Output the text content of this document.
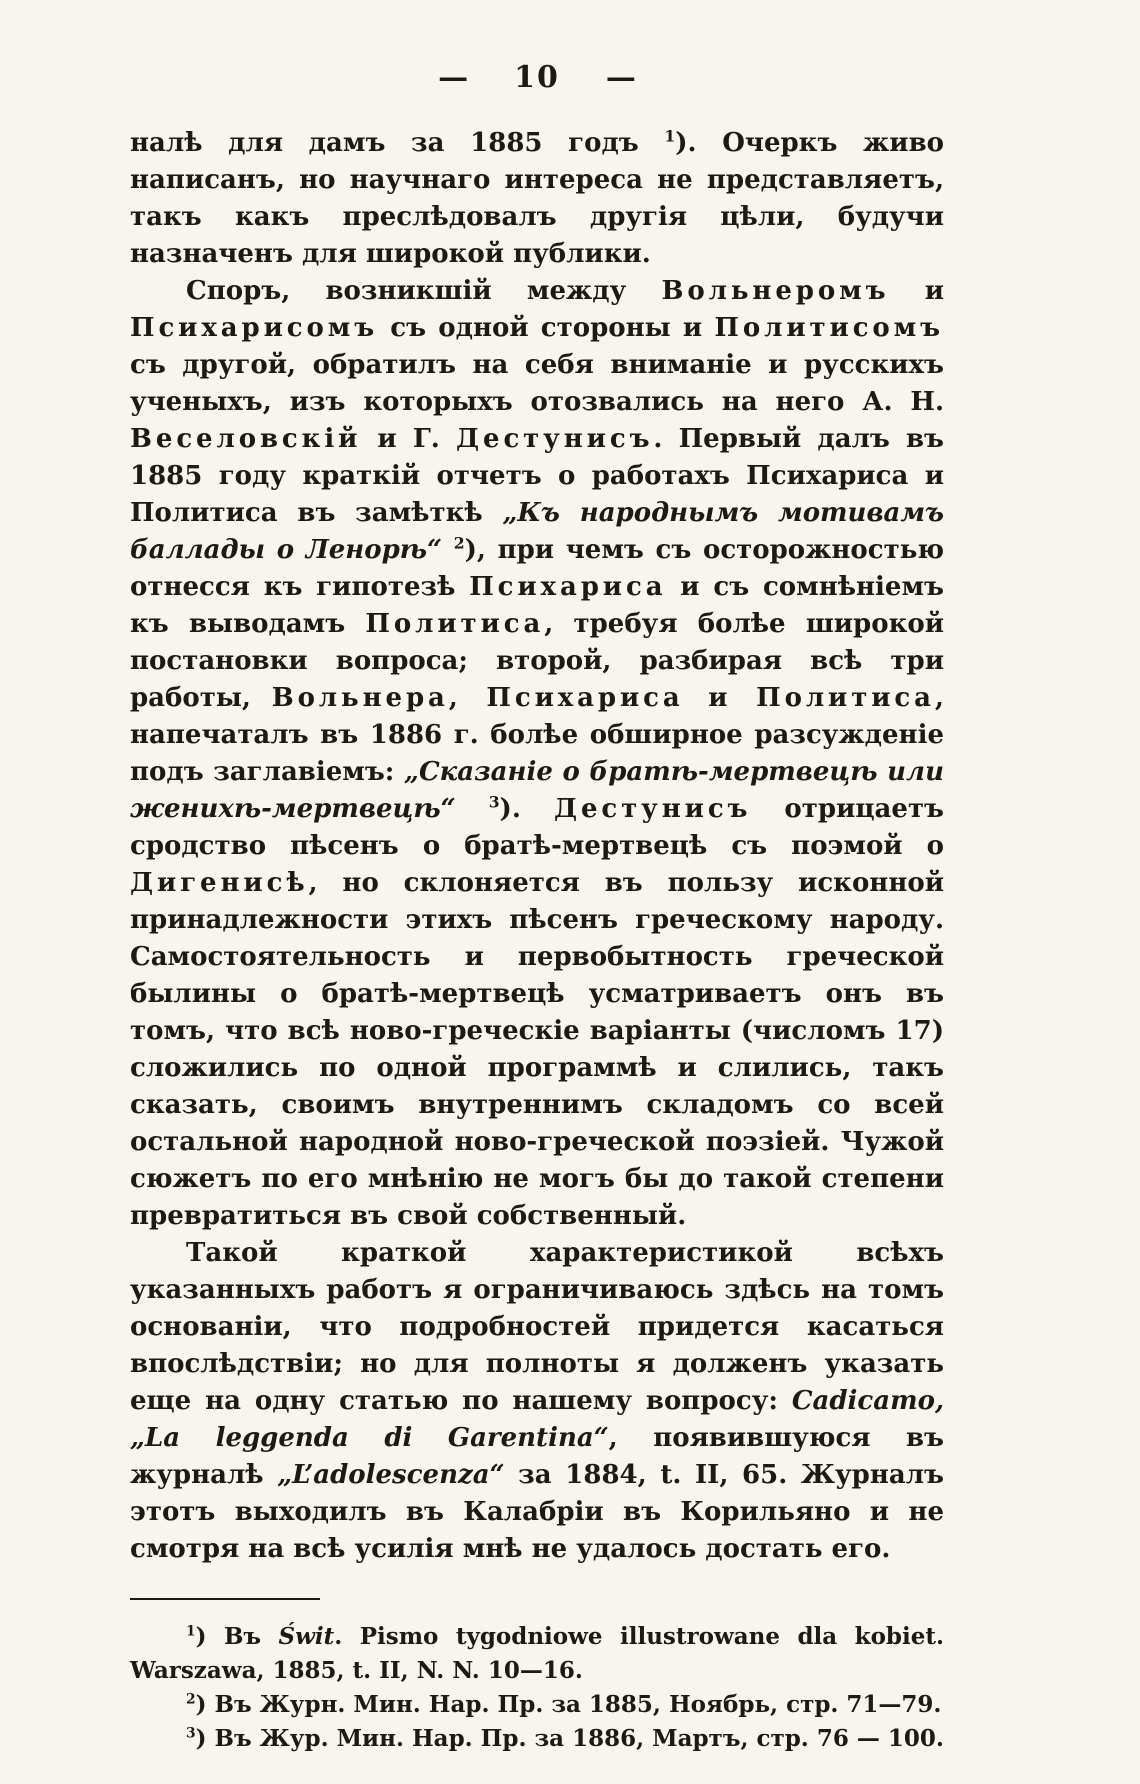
— 10 —

налѣ для дамъ за 1885 годъ $^1$). Очеркъ живо написанъ, но научнаго интереса не представляетъ, такъ какъ преслѣдовалъ другія цѣли, будучи назначенъ для широкой публики.

Споръ, возникшій между Вольнеромъ и Психарисомъ съ одной стороны и Политисомъ съ другой, обратилъ на себя вниманіе и русскихъ ученыхъ, изъ которыхъ отозвались на него А. Н. Веселовскій и Г. Дестунисъ. Первый далъ въ 1885 году краткій отчетъ о работахъ Психариса и Политиса въ замѣткѣ „Къ народнымъ мотивамъ баллады о Ленорѣ“ $^2$), при чемъ съ осторожностью отнесся къ гипотезѣ Психариса и съ сомнѣніемъ къ выводамъ Политиса, требуя болѣе широкой постановки вопроса; второй, разбирая всѣ три работы, Вольнера, Психариса и Политиса, напечаталъ въ 1886 г. болѣе обширное разсужденіе подъ заглавіемъ: „Сказаніе о братѣ-мертвецѣ или женихѣ-мертвецѣ“ $^3$). Дестунисъ отрицаетъ сродство пѣсенъ о братѣ-мертвецѣ съ поэмой о Дигенисѣ, но склоняется въ пользу исконной принадлежности этихъ пѣсенъ греческому народу. Самостоятельность и первобытность греческой былины о братѣ-мертвецѣ усматриваетъ онъ въ томъ, что всѣ ново-греческіе варіанты (числомъ 17) сложились по одной программѣ и слились, такъ сказать, своимъ внутреннимъ складомъ со всей остальной народной ново-греческой поэзіей. Чужой сюжетъ по его мнѣнію не могъ бы до такой степени превратиться въ свой собственный.

Такой краткой характеристикой всѣхъ указанныхъ работъ я ограничиваюсь здѣсь на томъ основаніи, что подробностей придется касаться впослѣдствіи; но для полноты я долженъ указать еще на одну статью по нашему вопросу: Cadicamo, „La leggenda di Garentina“, появившуюся въ журналѣ „L’adolescenza“ за 1884, t. II, 65. Журналъ этотъ выходилъ въ Калабріи въ Корильяно и не смотря на всѣ усилія мнѣ не удалось достать его.

$^1$) Въ Świt. Pismo tygodniowe illustrowane dla kobiet. Warszawa, 1885, t. II, N. N. 10—16.

$^2$) Въ Журн. Мин. Нар. Пр. за 1885, Ноябрь, стр. 71—79.

$^3$) Въ Жур. Мин. Нар. Пр. за 1886, Мартъ, стр. 76 — 100.
